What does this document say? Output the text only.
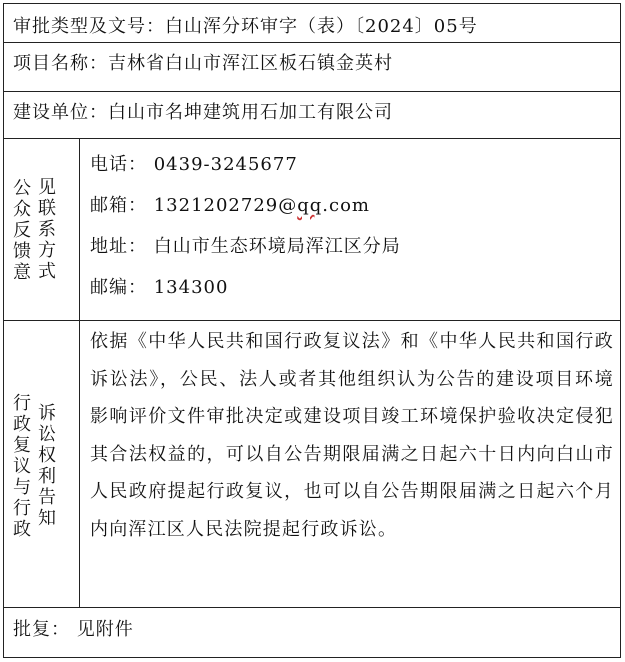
审批类型及文号：白山浑分环审字（表）〔2024〕05号
项目名称：吉林省白山市浑江区板石镇金英村
建设单位：白山市名坤建筑用石加工有限公司
公众反馈意
见联系方式
电话： 0439-3245677
邮箱： 1321202729@qq.com
地址： 白山市生态环境局浑江区分局
邮编： 134300
行政复议与行政
诉讼权利告知
依据《中华人民共和国行政复议法》和《中华人民共和国行政诉讼法》，公民、法人或者其他组织认为公告的建设项目环境影响评价文件审批决定或建设项目竣工环境保护验收决定侵犯其合法权益的，可以自公告期限届满之日起六十日内向白山市人民政府提起行政复议，也可以自公告期限届满之日起六个月内向浑江区人民法院提起行政诉讼。
批复： 见附件
